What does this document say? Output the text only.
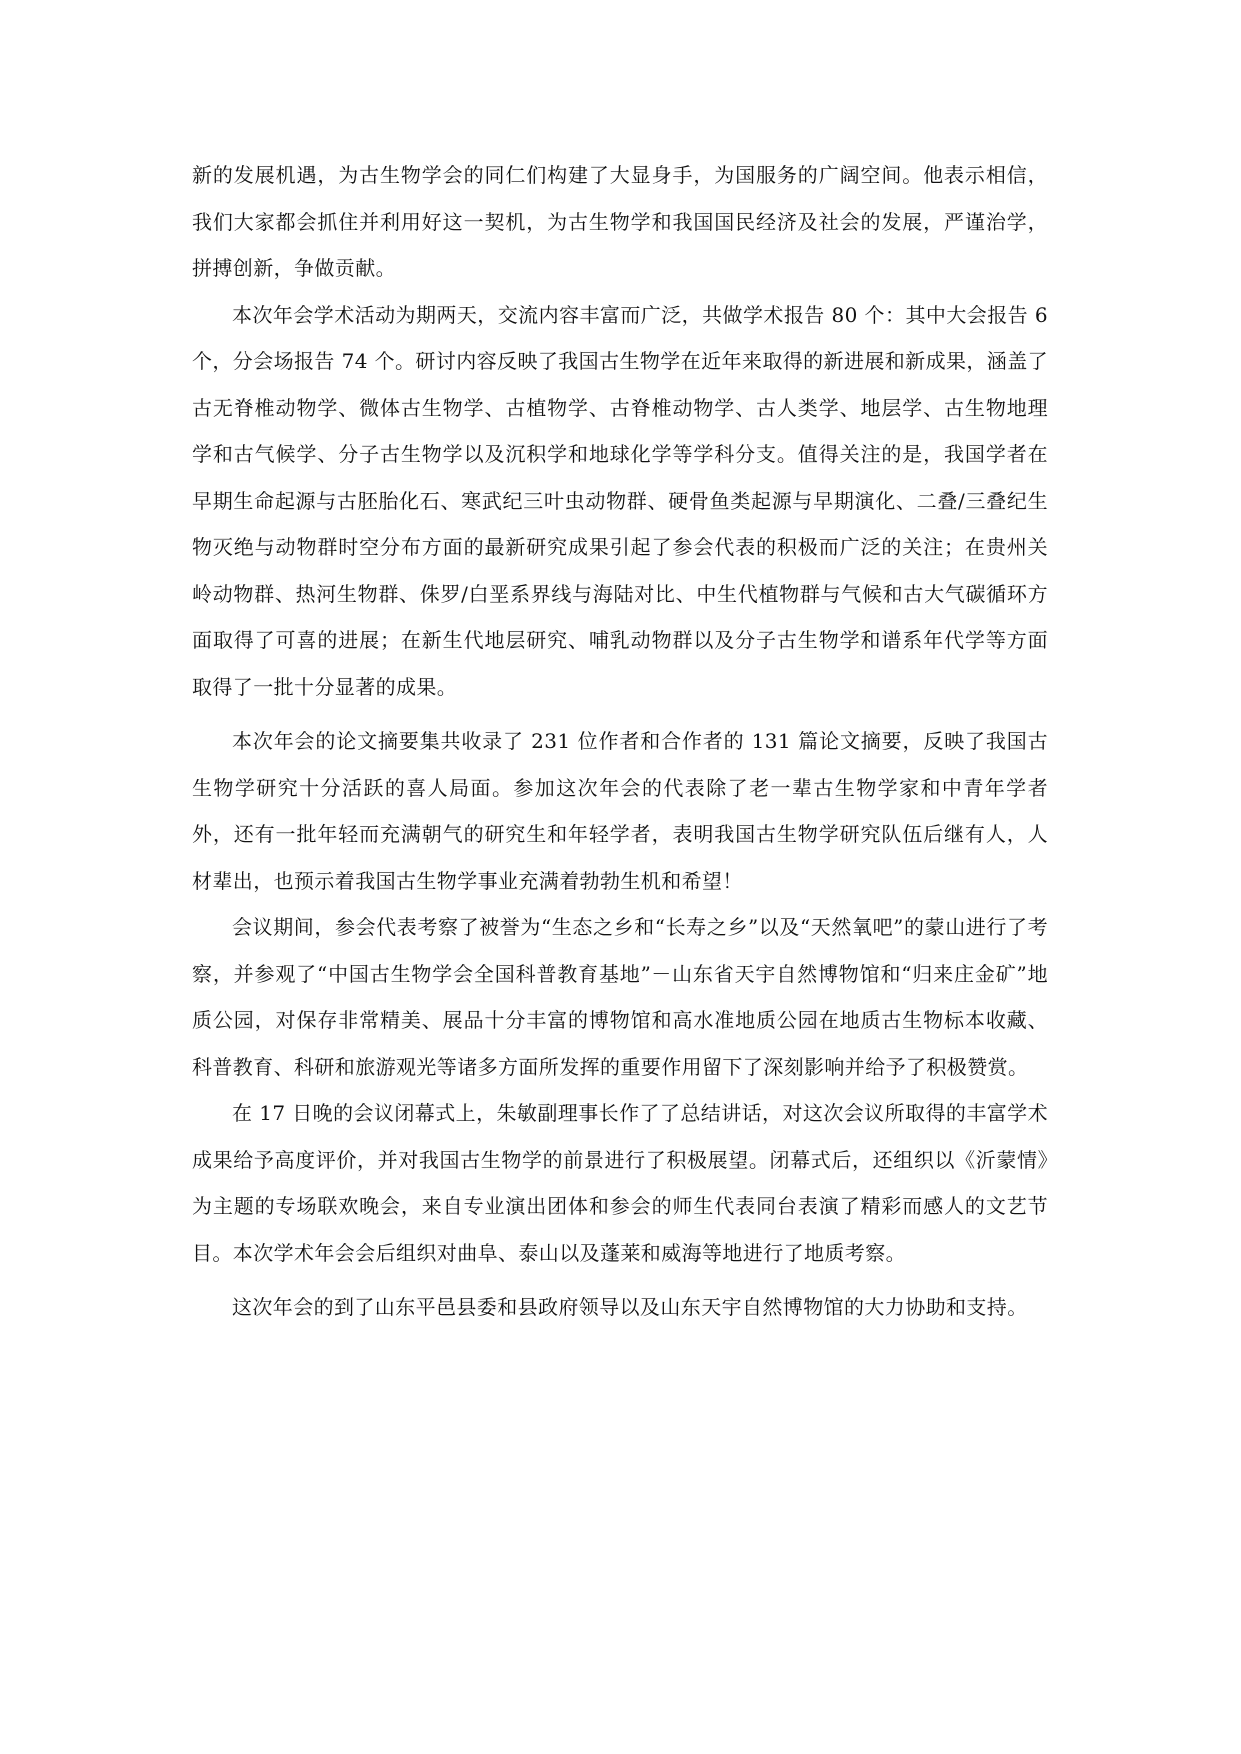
新的发展机遇，为古生物学会的同仁们构建了大显身手，为国服务的广阔空间。他表示相信，我们大家都会抓住并利用好这一契机，为古生物学和我国国民经济及社会的发展，严谨治学，拼搏创新，争做贡献。

本次年会学术活动为期两天，交流内容丰富而广泛，共做学术报告 80 个：其中大会报告 6 个，分会场报告 74 个。研讨内容反映了我国古生物学在近年来取得的新进展和新成果，涵盖了古无脊椎动物学、微体古生物学、古植物学、古脊椎动物学、古人类学、地层学、古生物地理学和古气候学、分子古生物学以及沉积学和地球化学等学科分支。值得关注的是，我国学者在早期生命起源与古胚胎化石、寒武纪三叶虫动物群、硬骨鱼类起源与早期演化、二叠/三叠纪生物灭绝与动物群时空分布方面的最新研究成果引起了参会代表的积极而广泛的关注；在贵州关岭动物群、热河生物群、侏罗/白垩系界线与海陆对比、中生代植物群与气候和古大气碳循环方面取得了可喜的进展；在新生代地层研究、哺乳动物群以及分子古生物学和谱系年代学等方面取得了一批十分显著的成果。

本次年会的论文摘要集共收录了 231 位作者和合作者的 131 篇论文摘要，反映了我国古生物学研究十分活跃的喜人局面。参加这次年会的代表除了老一辈古生物学家和中青年学者外，还有一批年轻而充满朝气的研究生和年轻学者，表明我国古生物学研究队伍后继有人，人材辈出，也预示着我国古生物学事业充满着勃勃生机和希望！

会议期间，参会代表考察了被誉为“生态之乡和“长寿之乡”以及“天然氧吧”的蒙山进行了考察，并参观了“中国古生物学会全国科普教育基地”－山东省天宇自然博物馆和“归来庄金矿”地质公园，对保存非常精美、展品十分丰富的博物馆和高水准地质公园在地质古生物标本收藏、科普教育、科研和旅游观光等诸多方面所发挥的重要作用留下了深刻影响并给予了积极赞赏。

在 17 日晚的会议闭幕式上，朱敏副理事长作了了总结讲话，对这次会议所取得的丰富学术成果给予高度评价，并对我国古生物学的前景进行了积极展望。闭幕式后，还组织以《沂蒙情》为主题的专场联欢晚会，来自专业演出团体和参会的师生代表同台表演了精彩而感人的文艺节目。本次学术年会会后组织对曲阜、泰山以及蓬莱和威海等地进行了地质考察。

这次年会的到了山东平邑县委和县政府领导以及山东天宇自然博物馆的大力协助和支持。
